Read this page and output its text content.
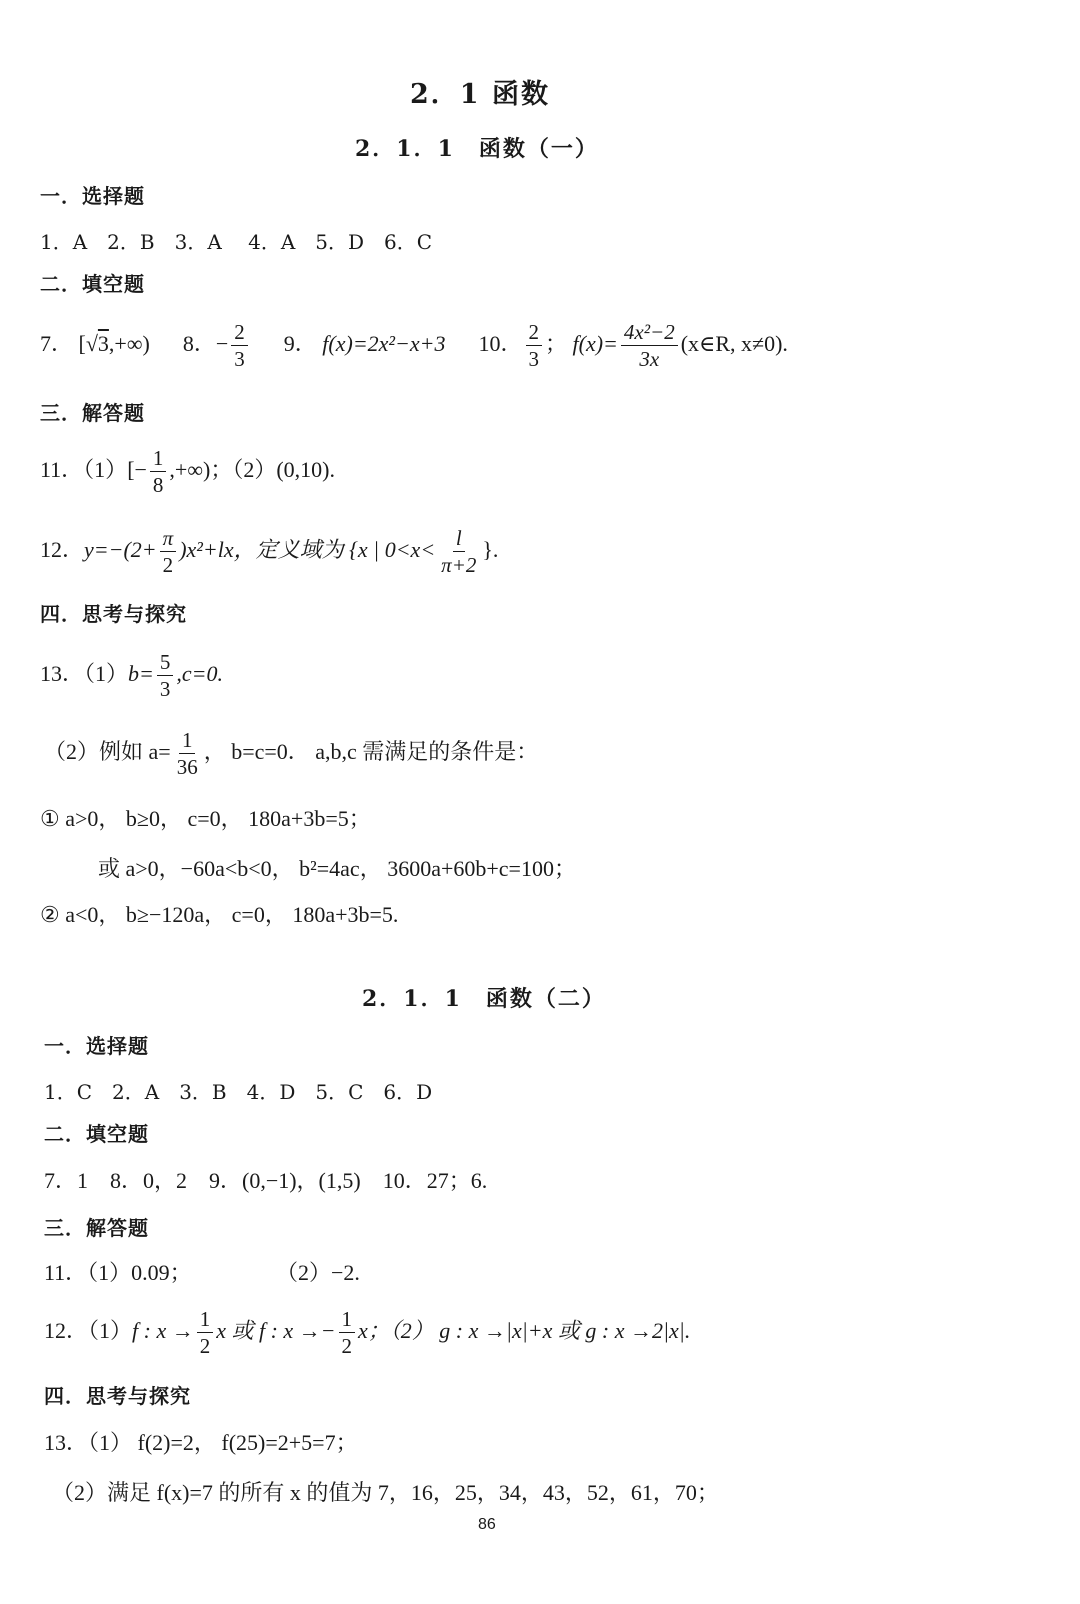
2．1 函数
2．1．1　函数（一）
一．选择题
1．A　2．B　3．A　 4．A　5．D　6．C
二．填空题
7． [√3,+∞) 8．− $\frac{2}{3} 9$． f(x)=2x²−x+3 10． $\frac{2}{3}$ ； $f(x)= \frac{\text{4x²−2}}{3x}$ (x∈R, x≠0).
三．解答题
11．$(1)[- \frac{1}{8}$ ,+∞)；（2）(0,10).
12．$y=-(2+ \frac{\pi}{2} )x^2+lx$，定义域为 {x | $0<x< \frac{l}{\pi+2}$ }.
四．思考与探究
13．$(1)b= \frac{5}{3} ,c=0$.
（2）例如 $a= \frac{1}{36}$ ， b=c=0． a,b,c 需满足的条件是：
① a>0， b≥0， c=0， 180a+3b=5；
或 a>0，−60a<b<0， b²=4ac， 3600a+60b+c=100；
② a<0， b≥−120a， c=0， 180a+3b=5.
2．1．1　函数（二）
一．选择题
1．C　2．A　3．B　4．D　5．C　6．D
二．填空题
7．1　8．0，2　9．(0,−1)，(1,5)　10．27；6.
三．解答题
11．（1）0.09；	（2）−2.
12．（1）f : $x \to \frac{1}{2}$ x 或 f : $x \to- \frac{1}{2}$ x；（2） g : x →|x|+x 或 g : x →2|x|.
四．思考与探究
13．（1） f(2)=2， f(25)=2+5=7；
（2）满足 f(x)=7 的所有 x 的值为 7，16，25，34，43，52，61，70；
86
